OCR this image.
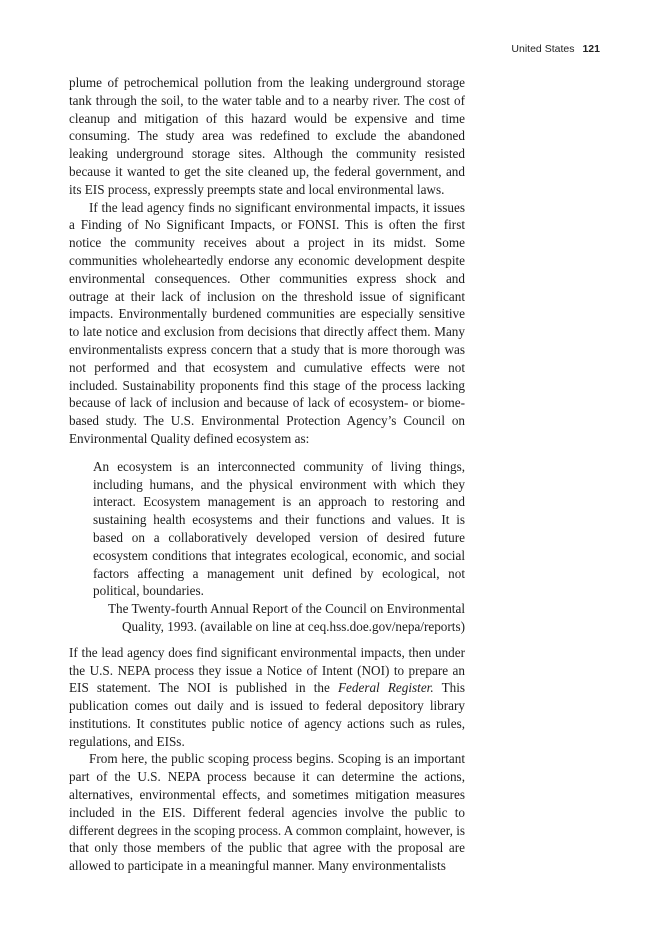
United States 121

plume of petrochemical pollution from the leaking underground storage tank through the soil, to the water table and to a nearby river. The cost of cleanup and mitigation of this hazard would be expensive and time consuming. The study area was redefined to exclude the abandoned leaking underground storage sites. Although the community resisted because it wanted to get the site cleaned up, the federal government, and its EIS process, expressly preempts state and local environmental laws.

If the lead agency finds no significant environmental impacts, it issues a Finding of No Significant Impacts, or FONSI. This is often the first notice the community receives about a project in its midst. Some communities wholeheartedly endorse any economic development despite environmental consequences. Other communities express shock and outrage at their lack of inclusion on the threshold issue of significant impacts. Environmentally burdened communities are especially sensitive to late notice and exclusion from decisions that directly affect them. Many environmentalists express concern that a study that is more thorough was not performed and that ecosystem and cumulative effects were not included. Sustainability proponents find this stage of the process lacking because of lack of inclusion and because of lack of ecosystem- or biome-based study. The U.S. Environmental Protection Agency’s Council on Environmental Quality defined ecosystem as:

An ecosystem is an interconnected community of living things, including humans, and the physical environment with which they interact. Ecosystem management is an approach to restoring and sustaining health ecosystems and their functions and values. It is based on a collaboratively developed version of desired future ecosystem conditions that integrates ecological, economic, and social factors affecting a management unit defined by ecological, not political, boundaries.

The Twenty-fourth Annual Report of the Council on Environmental Quality, 1993. (available on line at ceq.hss.doe.gov/nepa/reports)

If the lead agency does find significant environmental impacts, then under the U.S. NEPA process they issue a Notice of Intent (NOI) to prepare an EIS statement. The NOI is published in the Federal Register. This publication comes out daily and is issued to federal depository library institutions. It constitutes public notice of agency actions such as rules, regulations, and EISs.

From here, the public scoping process begins. Scoping is an important part of the U.S. NEPA process because it can determine the actions, alternatives, environmental effects, and sometimes mitigation measures included in the EIS. Different federal agencies involve the public to different degrees in the scoping process. A common complaint, however, is that only those members of the public that agree with the proposal are allowed to participate in a meaningful manner. Many environmentalists
